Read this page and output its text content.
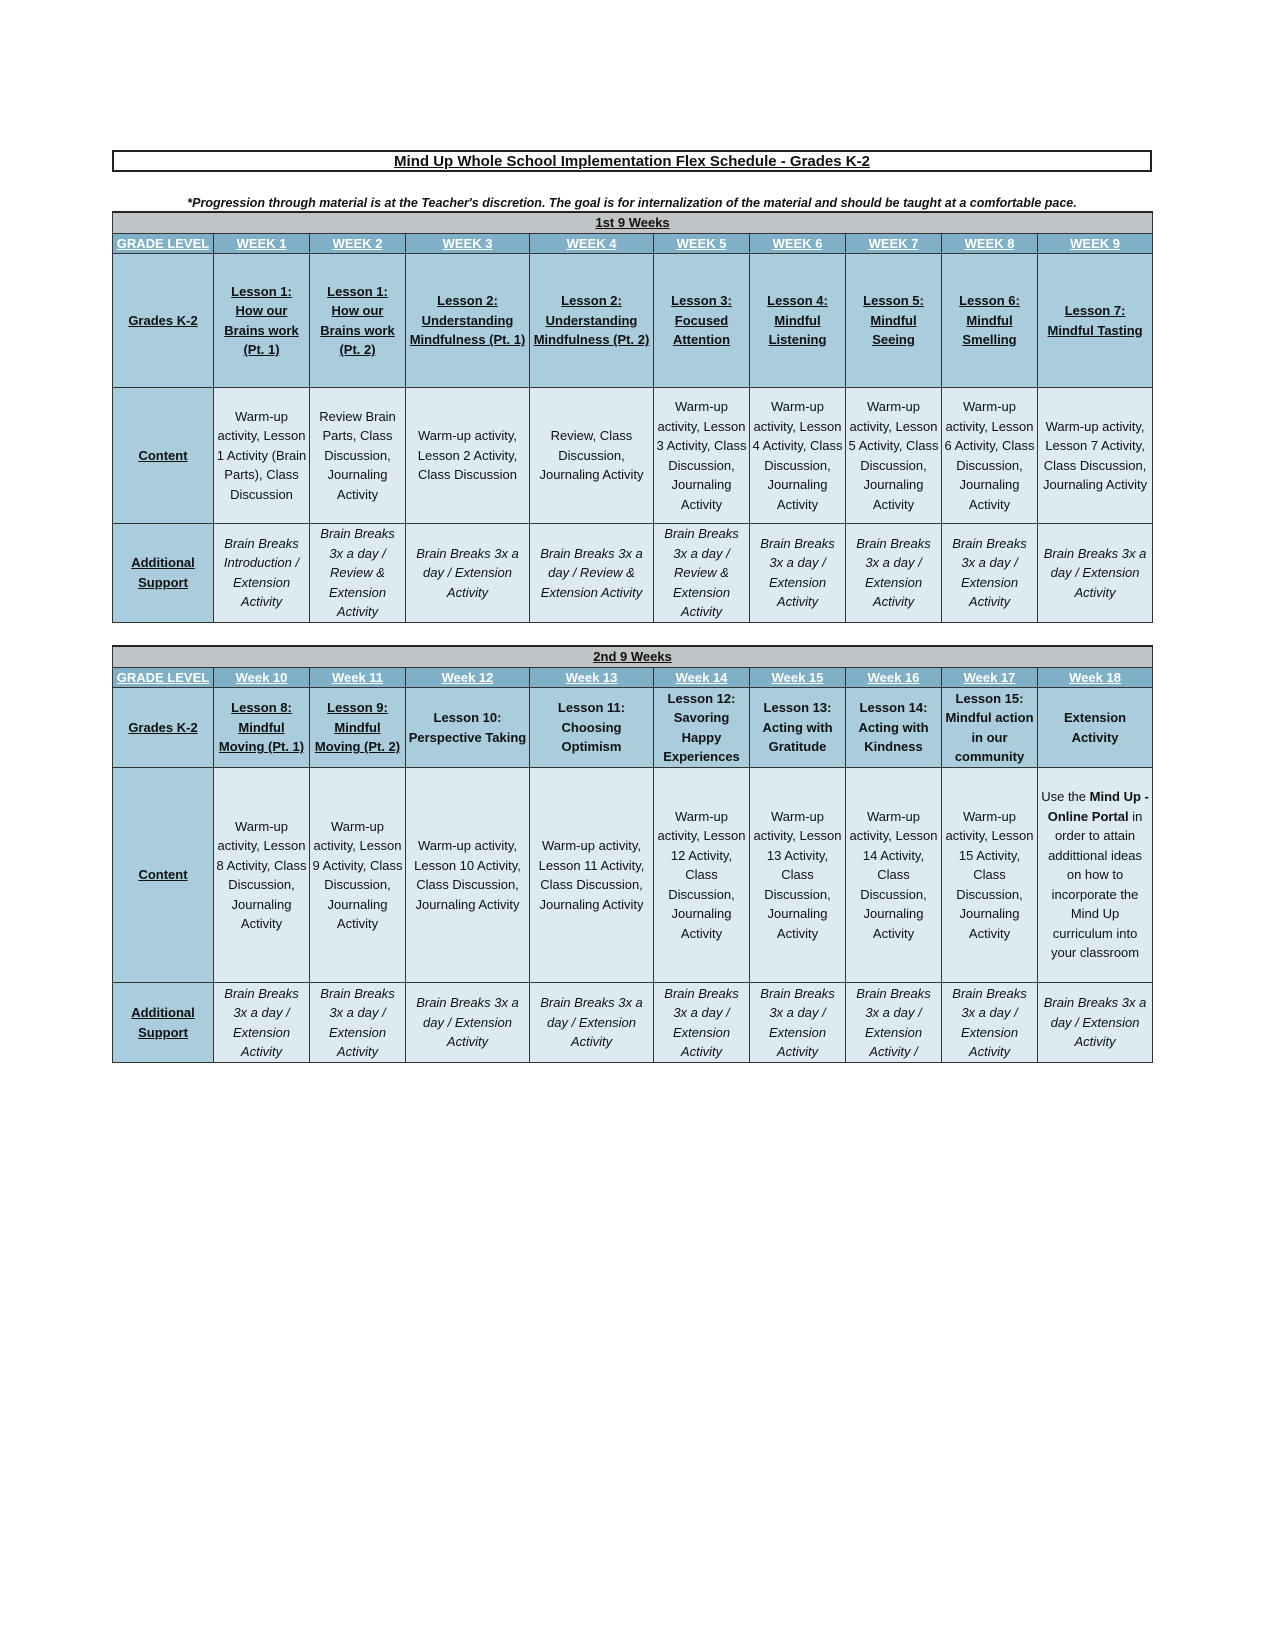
Mind Up Whole School Implementation Flex Schedule - Grades K-2
*Progression through material is at the Teacher's discretion. The goal is for internalization of the material and should be taught at a comfortable pace.
1st 9 Weeks									
GRADE LEVEL	WEEK 1	WEEK 2	WEEK 3	WEEK 4	WEEK 5	WEEK 6	WEEK 7	WEEK 8	WEEK 9
Grades K-2	Lesson 1: How our Brains work (Pt. 1)	Lesson 1: How our Brains work (Pt. 2)	Lesson 2: Understanding Mindfulness (Pt. 1)	Lesson 2: Understanding Mindfulness (Pt. 2)	Lesson 3: Focused Attention	Lesson 4: Mindful Listening	Lesson 5: Mindful Seeing	Lesson 6: Mindful Smelling	Lesson 7: Mindful Tasting
Content	Warm-up activity, Lesson 1 Activity (Brain Parts), Class Discussion	Review Brain Parts, Class Discussion, Journaling Activity	Warm-up activity, Lesson 2 Activity, Class Discussion	Review, Class Discussion, Journaling Activity	Warm-up activity, Lesson 3 Activity, Class Discussion, Journaling Activity	Warm-up activity, Lesson 4 Activity, Class Discussion, Journaling Activity	Warm-up activity, Lesson 5 Activity, Class Discussion, Journaling Activity	Warm-up activity, Lesson 6 Activity, Class Discussion, Journaling Activity	Warm-up activity, Lesson 7 Activity, Class Discussion, Journaling Activity
Additional
Support	Brain Breaks Introduction / Extension Activity	Brain Breaks 3x a day / Review & Extension Activity	Brain Breaks 3x a day / Extension Activity	Brain Breaks 3x a day / Review & Extension Activity	Brain Breaks 3x a day / Review & Extension Activity	Brain Breaks 3x a day / Extension Activity	Brain Breaks 3x a day / Extension Activity	Brain Breaks 3x a day / Extension Activity	Brain Breaks 3x a day / Extension Activity
2nd 9 Weeks									
GRADE LEVEL	Week 10	Week 11	Week 12	Week 13	Week 14	Week 15	Week 16	Week 17	Week 18
Grades K-2	Lesson 8: Mindful Moving (Pt. 1)	Lesson 9: Mindful Moving (Pt. 2)	Lesson 10: Perspective Taking	Lesson 11: Choosing Optimism	Lesson 12: Savoring Happy Experiences	Lesson 13: Acting with Gratitude	Lesson 14: Acting with Kindness	Lesson 15: Mindful action in our community	Extension Activity
Content	Warm-up activity, Lesson 8 Activity, Class Discussion, Journaling Activity	Warm-up activity, Lesson 9 Activity, Class Discussion, Journaling Activity	Warm-up activity, Lesson 10 Activity, Class Discussion, Journaling Activity	Warm-up activity, Lesson 11 Activity, Class Discussion, Journaling Activity	Warm-up activity, Lesson 12 Activity, Class Discussion, Journaling Activity	Warm-up activity, Lesson 13 Activity, Class Discussion, Journaling Activity	Warm-up activity, Lesson 14 Activity, Class Discussion, Journaling Activity	Warm-up activity, Lesson 15 Activity, Class Discussion, Journaling Activity	Use the Mind Up - Online Portal in order to attain addittional ideas on how to incorporate the Mind Up curriculum into your classroom
Additional
Support	Brain Breaks 3x a day / Extension Activity	Brain Breaks 3x a day / Extension Activity	Brain Breaks 3x a day / Extension Activity	Brain Breaks 3x a day / Extension Activity	Brain Breaks 3x a day / Extension Activity	Brain Breaks 3x a day / Extension Activity	Brain Breaks 3x a day / Extension Activity /	Brain Breaks 3x a day / Extension Activity	Brain Breaks 3x a day / Extension Activity
